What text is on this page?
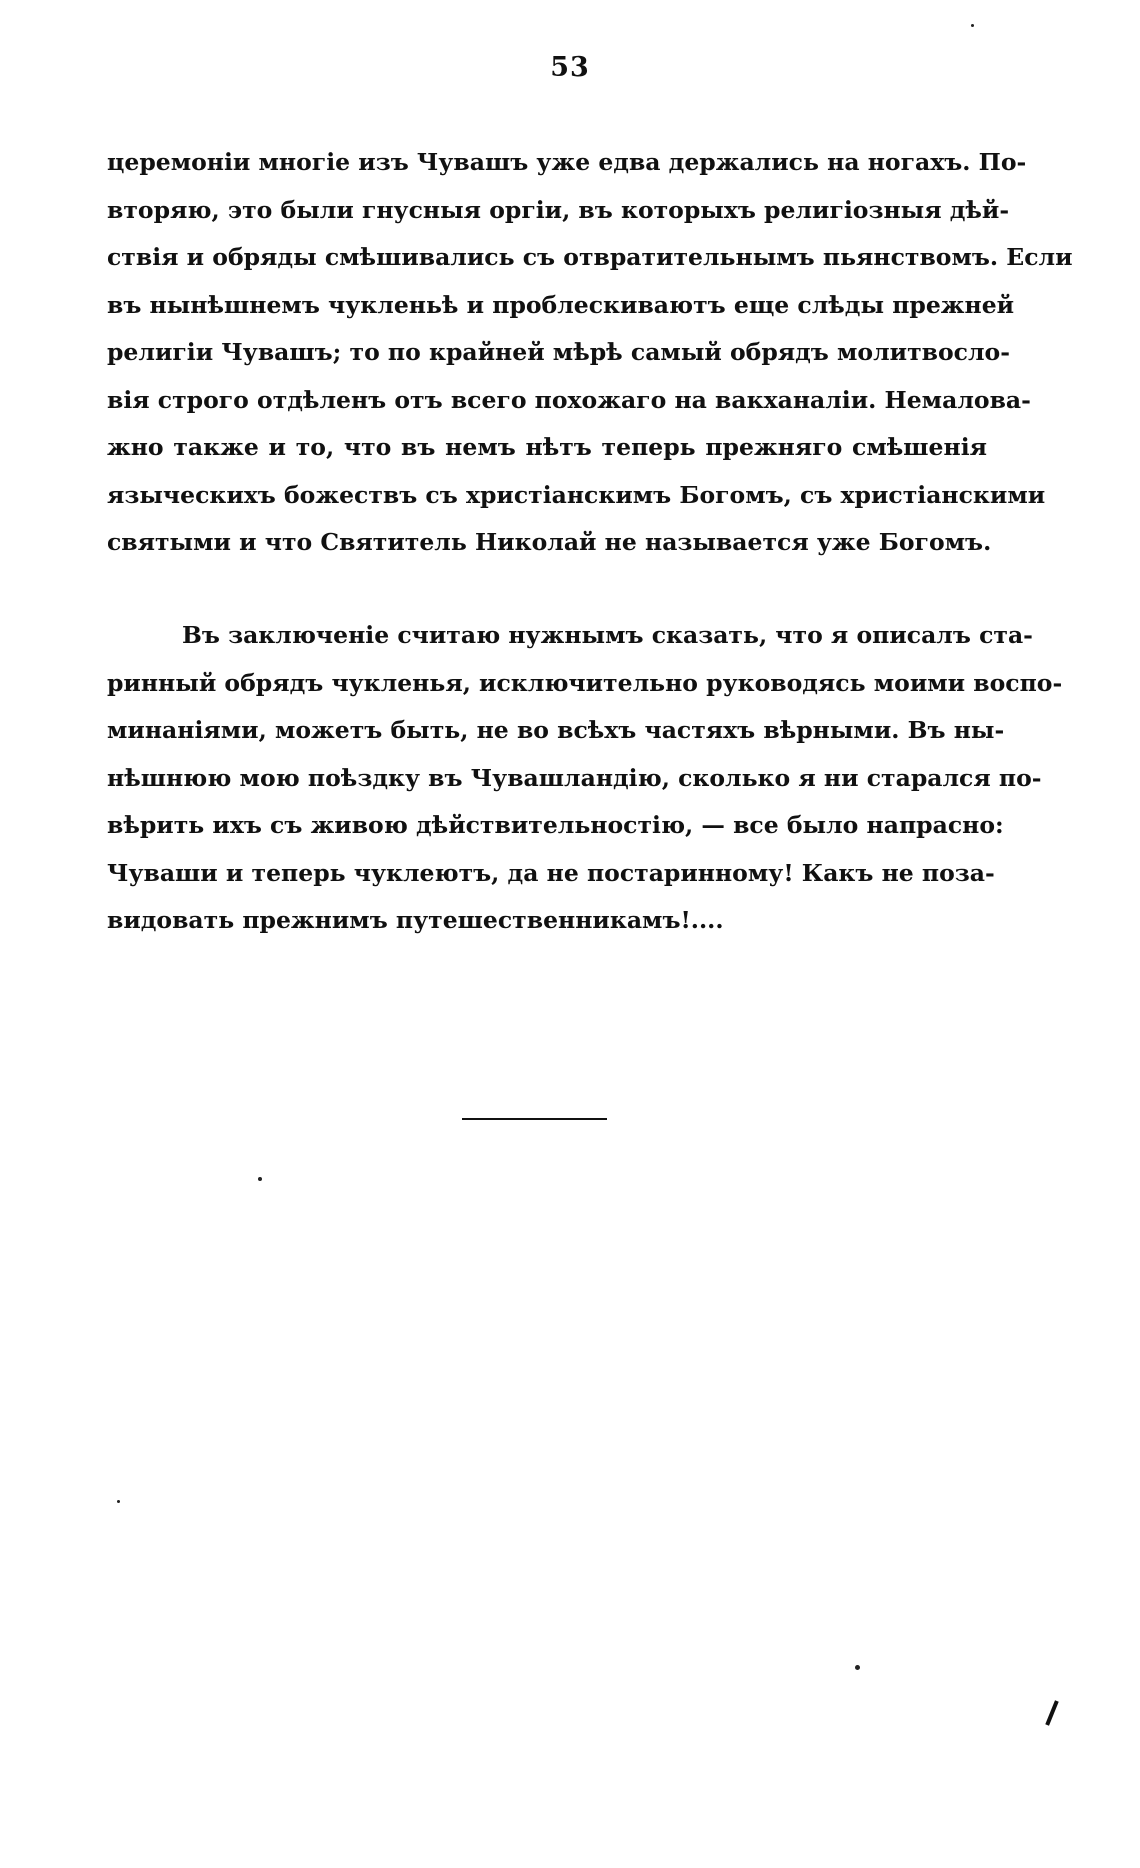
53
церемоніи многіе изъ Чувашъ уже едва держались на ногахъ. По-
вторяю, это были гнусныя оргіи, въ которыхъ религіозныя дѣй-
ствія и обряды смѣшивались съ отвратительнымъ пьянствомъ. Если
въ нынѣшнемъ чукленьѣ и проблескиваютъ еще слѣды прежней
религіи Чувашъ; то по крайней мѣрѣ самый обрядъ молитвосло-
вія строго отдѣленъ отъ всего похожаго на вакханаліи. Немалова-
жно также и то, что въ немъ нѣтъ теперь прежняго смѣшенія
языческихъ божествъ съ христіанскимъ Богомъ, съ христіанскими
святыми и что Святитель Николай не называется уже Богомъ.
Въ заключеніе считаю нужнымъ сказать, что я описалъ ста-
ринный обрядъ чукленья, исключительно руководясь моими воспо-
минаніями, можетъ быть, не во всѣхъ частяхъ вѣрными. Въ ны-
нѣшнюю мою поѣздку въ Чувашландію, сколько я ни старался по-
вѣрить ихъ съ живою дѣйствительностію, — все было напрасно:
Чуваши и теперь чуклеютъ, да не постаринному! Какъ не поза-
видовать прежнимъ путешественникамъ!....
